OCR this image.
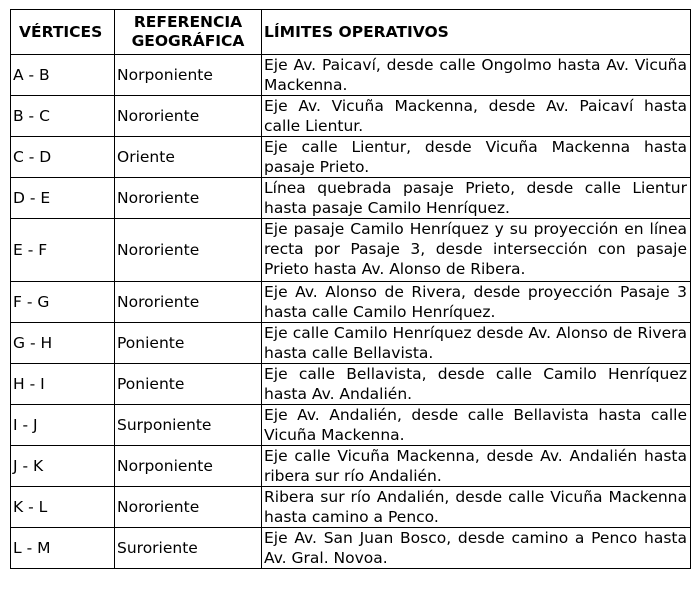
VÉRTICES	REFERENCIA GEOGRÁFICA	LÍMITES OPERATIVOS
A - B	Norponiente	Eje Av. Paicaví, desde calle Ongolmo hasta Av. Vicuña Mackenna.
B - C	Nororiente	Eje Av. Vicuña Mackenna, desde Av. Paicaví hasta calle Lientur.
C - D	Oriente	Eje calle Lientur, desde Vicuña Mackenna hasta pasaje Prieto.
D - E	Nororiente	Línea quebrada pasaje Prieto, desde calle Lientur hasta pasaje Camilo Henríquez.
E - F	Nororiente	Eje pasaje Camilo Henríquez y su proyección en línea recta por Pasaje 3, desde intersección con pasaje Prieto hasta Av. Alonso de Ribera.
F - G	Nororiente	Eje Av. Alonso de Rivera, desde proyección Pasaje 3 hasta calle Camilo Henríquez.
G - H	Poniente	Eje calle Camilo Henríquez desde Av. Alonso de Rivera hasta calle Bellavista.
H - I	Poniente	Eje calle Bellavista, desde calle Camilo Henríquez hasta Av. Andalién.
I - J	Surponiente	Eje Av. Andalién, desde calle Bellavista hasta calle Vicuña Mackenna.
J - K	Norponiente	Eje calle Vicuña Mackenna, desde Av. Andalién hasta ribera sur río Andalién.
K - L	Nororiente	Ribera sur río Andalién, desde calle Vicuña Mackenna hasta camino a Penco.
L - M	Suroriente	Eje Av. San Juan Bosco, desde camino a Penco hasta Av. Gral. Novoa.
